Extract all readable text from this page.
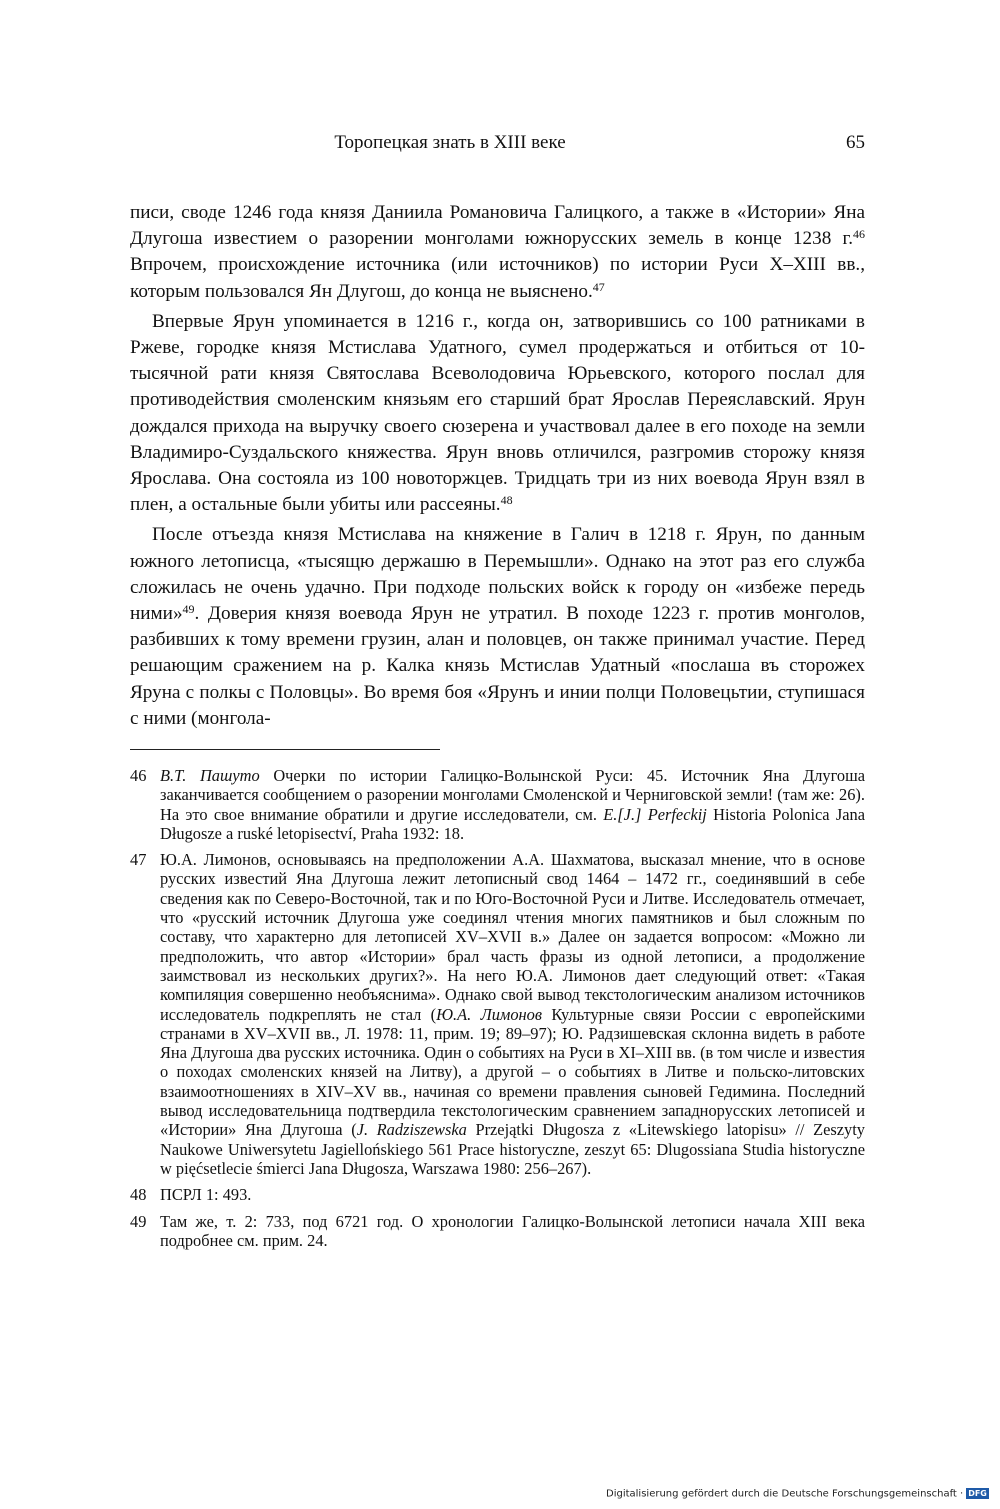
Торопецкая знать в XIII веке	65

писи, своде 1246 года князя Даниила Романовича Галицкого, а также в «Истории» Яна Длугоша известием о разорении монголами южнорусских земель в конце 1238 г.$^{46}$ Впрочем, происхождение источника (или источников) по истории Руси X–XIII вв., которым пользовался Ян Длугош, до конца не выяснено.$^{47}$

Впервые Ярун упоминается в 1216 г., когда он, затворившись со 100 ратниками в Ржеве, городке князя Мстислава Удатного, сумел продержаться и отбиться от 10-тысячной рати князя Святослава Всеволодовича Юрьевского, которого послал для противодействия смоленским князьям его старший брат Ярослав Переяславский. Ярун дождался прихода на выручку своего сюзерена и участвовал далее в его походе на земли Владимиро-Суздальского княжества. Ярун вновь отличился, разгромив сторожу князя Ярослава. Она состояла из 100 новоторжцев. Тридцать три из них воевода Ярун взял в плен, а остальные были убиты или рассеяны.$^{48}$

После отъезда князя Мстислава на княжение в Галич в 1218 г. Ярун, по данным южного летописца, «тысящю держашю в Перемышли». Однако на этот раз его служба сложилась не очень удачно. При подходе польских войск к городу он «избеже передь ними»$^{49}$. Доверия князя воевода Ярун не утратил. В походе 1223 г. против монголов, разбивших к тому времени грузин, алан и половцев, он также принимал участие. Перед решающим сражением на р. Калка князь Мстислав Удатный «послаша въ сторожех Яруна с полкы с Половцы». Во время боя «Ярунъ и инии полци Половецьтии, ступишася с ними (монгола-

46 В.Т. Пашуто Очерки по истории Галицко-Волынской Руси: 45. Источник Яна Длугоша заканчивается сообщением о разорении монголами Смоленской и Черниговской земли! (там же: 26). На это свое внимание обратили и другие исследователи, см. E.[J.] Perfeckij Historia Polonica Jana Długosze a ruské letopisectví, Praha 1932: 18.
47 Ю.А. Лимонов, основываясь на предположении А.А. Шахматова, высказал мнение, что в основе русских известий Яна Длугоша лежит летописный свод 1464 – 1472 гг., соединявший в себе сведения как по Северо-Восточной, так и по Юго-Восточной Руси и Литве. Исследователь отмечает, что «русский источник Длугоша уже соединял чтения многих памятников и был сложным по составу, что характерно для летописей XV–XVII в.» Далее он задается вопросом: «Можно ли предположить, что автор «Истории» брал часть фразы из одной летописи, а продолжение заимствовал из нескольких других?». На него Ю.А. Лимонов дает следующий ответ: «Такая компиляция совершенно необъяснима». Однако свой вывод текстологическим анализом источников исследователь подкреплять не стал (Ю.А. Лимонов Культурные связи России с европейскими странами в XV–XVII вв., Л. 1978: 11, прим. 19; 89–97); Ю. Радзишевская склонна видеть в работе Яна Длугоша два русских источника. Один о событиях на Руси в XI–XIII вв. (в том числе и известия о походах смоленских князей на Литву), а другой – о событиях в Литве и польско-литовских взаимоотношениях в XIV–XV вв., начиная со времени правления сыновей Гедимина. Последний вывод исследовательница подтвердила текстологическим сравнением западнорусских летописей и «Истории» Яна Длугоша (J. Radziszewska Przejątki Długosza z «Litewskiego latopisu» // Zeszyty Naukowe Uniwersytetu Jagiellońskiego 561 Prace historyczne, zeszyt 65: Dlugossiana Studia historyczne w pięćsetlecie śmierci Jana Długosza, Warszawa 1980: 256–267).
48 ПСРЛ 1: 493.
49 Там же, т. 2: 733, под 6721 год. О хронологии Галицко-Волынской летописи начала XIII века подробнее см. прим. 24.
Digitalisierung gefördert durch die Deutsche Forschungsgemeinschaft · DFG
